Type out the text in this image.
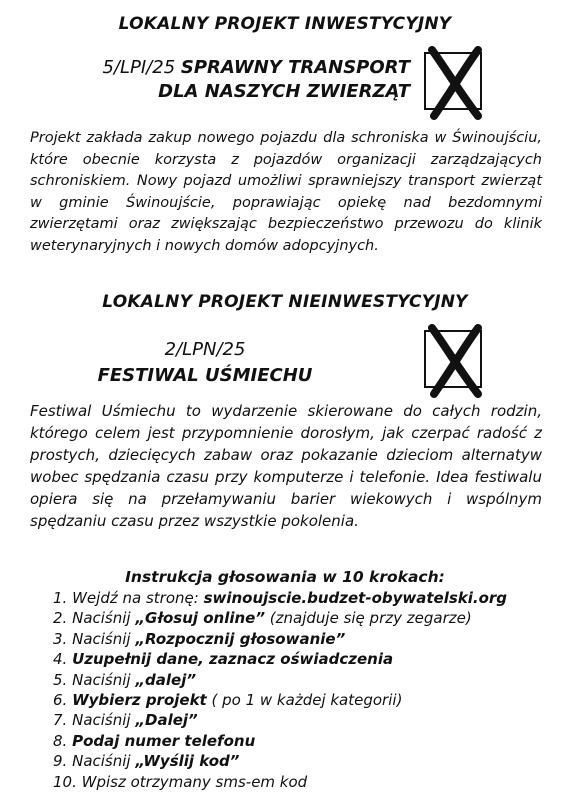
LOKALNY PROJEKT INWESTYCYJNY
5/LPI/25 SPRAWNY TRANSPORT
DLA NASZYCH ZWIERZĄT
Projekt zakłada zakup nowego pojazdu dla schroniska w Świnoujściu, które obecnie korzysta z pojazdów organizacji zarządzających schroniskiem. Nowy pojazd umożliwi sprawniejszy transport zwierząt w gminie Świnoujście, poprawiając opiekę nad bezdomnymi zwierzętami oraz zwiększając bezpieczeństwo przewozu do klinik weterynaryjnych i nowych domów adopcyjnych.
LOKALNY PROJEKT NIEINWESTYCYJNY
2/LPN/25
FESTIWAL UŚMIECHU
Festiwal Uśmiechu to wydarzenie skierowane do całych rodzin, którego celem jest przypomnienie dorosłym, jak czerpać radość z prostych, dziecięcych zabaw oraz pokazanie dzieciom alternatyw wobec spędzania czasu przy komputerze i telefonie. Idea festiwalu opiera się na przełamywaniu barier wiekowych i wspólnym spędzaniu czasu przez wszystkie pokolenia.
Instrukcja głosowania w 10 krokach:
1. Wejdź na stronę: swinoujscie.budzet-obywatelski.org
2. Naciśnij „Głosuj online” (znajduje się przy zegarze)
3. Naciśnij „Rozpocznij głosowanie”
4. Uzupełnij dane, zaznacz oświadczenia
5. Naciśnij „dalej”
6. Wybierz projekt ( po 1 w każdej kategorii)
7. Naciśnij „Dalej”
8. Podaj numer telefonu
9. Naciśnij „Wyślij kod”
10. Wpisz otrzymany sms-em kod
